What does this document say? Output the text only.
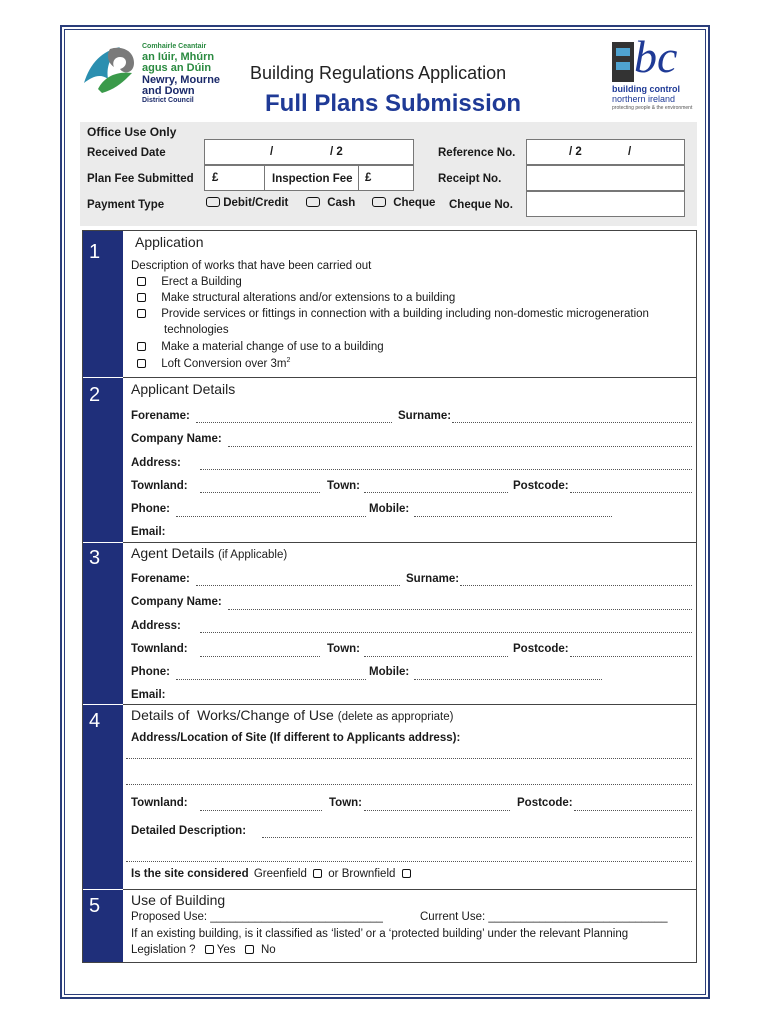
Comhairle Ceantair
an Iúir, Mhúrn
agus an Dúin
Newry, Mourne
and Down
District Council
Building Regulations Application
Full Plans Submission
bc
building control
northern ireland
protecting people & the environment
Office Use Only
Received Date	/	/ 2	Reference No.	/ 2	/
Plan Fee Submitted £	Inspection Fee £	Receipt No.
Payment Type	Debit/Credit	Cash	Cheque Cheque No.
1
2
3
4
5
Application
Description of works that have been carried out
Erect a Building
Make structural alterations and/or extensions to a building
Provide services or fittings in connection with a building including non-domestic microgeneration
technologies
Make a material change of use to a building
Loft Conversion over $3m^2$
Applicant Details
Forename:	Surname:
Company Name:
Address:
Townland:	Town:	Postcode:
Phone:	Mobile:
Email:
Agent Details (if Applicable)
Forename:	Surname:
Company Name:
Address:
Townland:	Town:	Postcode:
Phone:	Mobile:
Email:
Details of  Works/Change of Use (delete as appropriate)
Address/Location of Site (If different to Applicants address):
Townland:	Town:	Postcode:
Detailed Description:
Is the site considered Greenfield or Brownfield
Use of Building
Proposed Use: ___________________________	Current Use: ____________________________
If an existing building, is it classified as ‘listed’ or a ‘protected building’ under the relevant Planning
Legislation ? Yes No
